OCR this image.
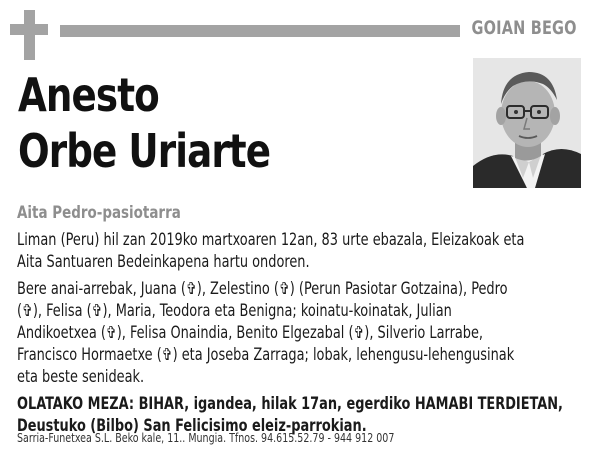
GOIAN BEGO
Anesto
Orbe Uriarte
Aita Pedro-pasiotarra

Liman (Peru) hil zan 2019ko martxoaren 12an, 83 urte ebazala, Eleizakoak eta
Aita Santuaren Bedeinkapena hartu ondoren.

Bere anai-arrebak, Juana (✞), Zelestino (✞) (Perun Pasiotar Gotzaina), Pedro
(✞), Felisa (✞), Maria, Teodora eta Benigna; koinatu-koinatak, Julian
Andikoetxea (✞), Felisa Onaindia, Benito Elgezabal (✞), Silverio Larrabe,
Francisco Hormaetxe (✞) eta Joseba Zarraga; lobak, lehengusu-lehengusinak
eta beste senideak.

OLATAKO MEZA: BIHAR, igandea, hilak 17an, egerdiko HAMABI TERDIETAN,
Deustuko (Bilbo) San Felicisimo eleiz-parrokian.

Sarria-Funetxea S.L. Beko kale, 11.. Mungia. Tfnos. 94.615.52.79 - 944 912 007
